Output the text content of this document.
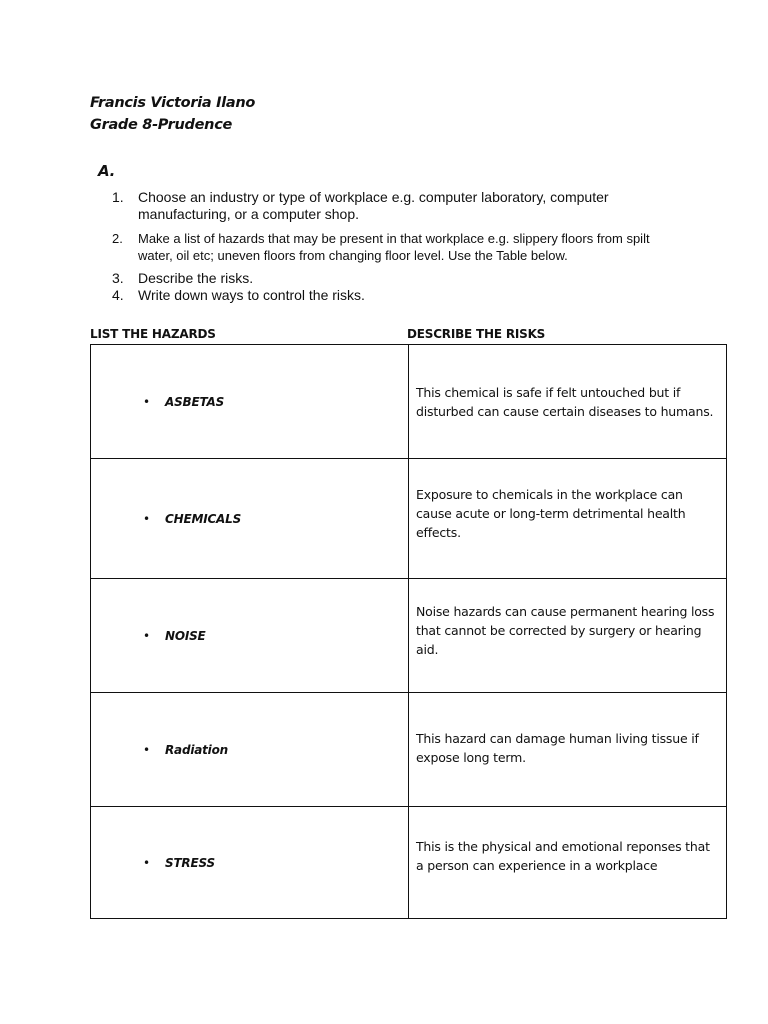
Francis Victoria Ilano

Grade 8-Prudence

A.

1.	Choose an industry or type of workplace e.g. computer laboratory, computer manufacturing, or a computer shop.
2.	Make a list of hazards that may be present in that workplace e.g. slippery floors from spilt water, oil etc; uneven floors from changing floor level. Use the Table below.
3.	Describe the risks.
4.	Write down ways to control the risks.

LIST THE HAZARDS	DESCRIBE THE RISKS

• ASBETAS	This chemical is safe if felt untouched but if disturbed can cause certain diseases to humans.

• CHEMICALS	Exposure to chemicals in the workplace can cause acute or long-term detrimental health effects.

• NOISE	Noise hazards can cause permanent hearing loss that cannot be corrected by surgery or hearing aid.

• Radiation	This hazard can damage human living tissue if expose long term.

• STRESS	This is the physical and emotional reponses that a person can experience in a workplace
